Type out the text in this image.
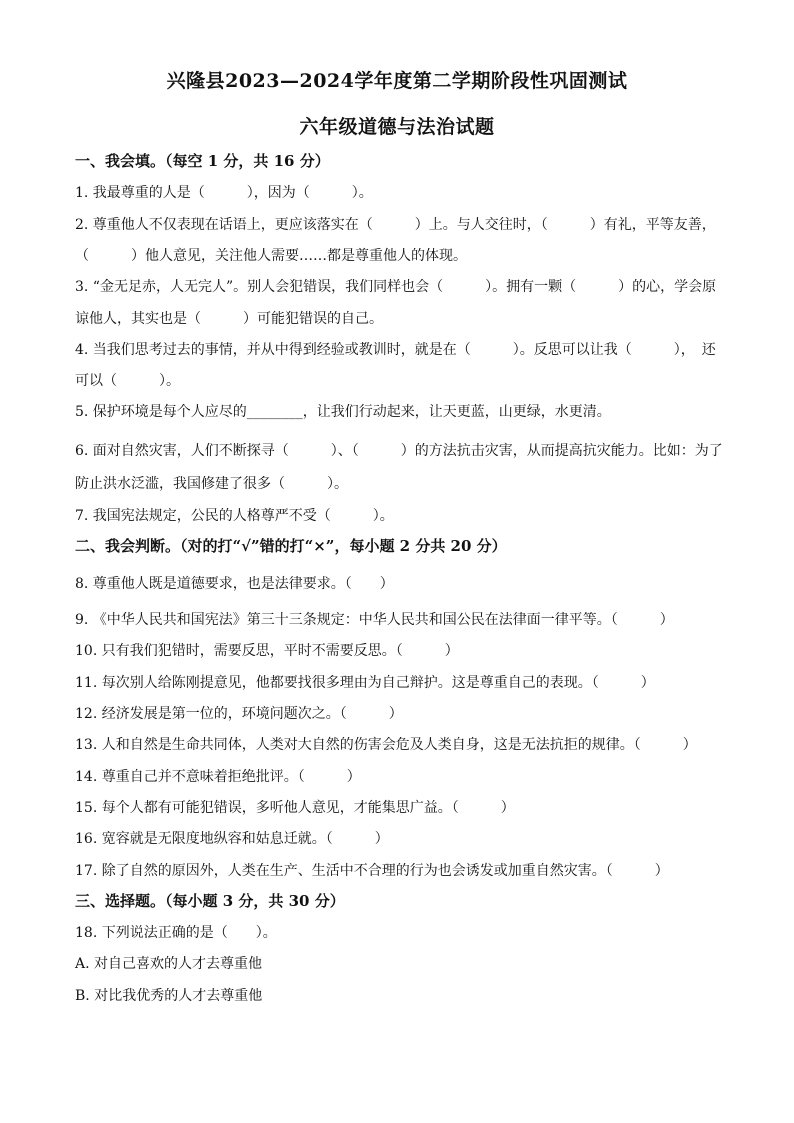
兴隆县2023—2024学年度第二学期阶段性巩固测试
六年级道德与法治试题
一、我会填。（每空 1 分，共 16 分）
1. 我最尊重的人是（　　　），因为（　　　）。
2. 尊重他人不仅表现在话语上，更应该落实在（　　　）上。与人交往时，（　　　）有礼，平等友善，
（　　　）他人意见，关注他人需要……都是尊重他人的体现。
3. “金无足赤，人无完人”。别人会犯错误，我们同样也会（　　　）。拥有一颗（　　　）的心，学会原
谅他人，其实也是（　　　）可能犯错误的自己。
4. 当我们思考过去的事情，并从中得到经验或教训时，就是在（　　　）。反思可以让我（　　　），　还
可以（　　　）。
5. 保护环境是每个人应尽的________，让我们行动起来，让天更蓝，山更绿，水更清。
6. 面对自然灾害，人们不断探寻（　　　）、（　　　）的方法抗击灾害，从而提高抗灾能力。比如：为了
防止洪水泛滥，我国修建了很多（　　　）。
7. 我国宪法规定，公民的人格尊严不受（　　　）。
二、我会判断。（对的打“√”错的打“×”，每小题 2 分共 20 分）
8. 尊重他人既是道德要求，也是法律要求。（　　）
9. 《中华人民共和国宪法》第三十三条规定：中华人民共和国公民在法律面一律平等。（　　　）
10. 只有我们犯错时，需要反思，平时不需要反思。（　　　）
11. 每次别人给陈刚提意见，他都要找很多理由为自己辩护。这是尊重自己的表现。（　　　）
12. 经济发展是第一位的，环境问题次之。（　　　）
13. 人和自然是生命共同体，人类对大自然的伤害会危及人类自身，这是无法抗拒的规律。（　　　）
14. 尊重自己并不意味着拒绝批评。（　　　）
15. 每个人都有可能犯错误，多听他人意见，才能集思广益。（　　　）
16. 宽容就是无限度地纵容和姑息迁就。（　　　）
17. 除了自然的原因外，人类在生产、生活中不合理的行为也会诱发或加重自然灾害。（　　　）
三、选择题。（每小题 3 分，共 30 分）
18. 下列说法正确的是（　　）。
A. 对自己喜欢的人才去尊重他
B. 对比我优秀的人才去尊重他
